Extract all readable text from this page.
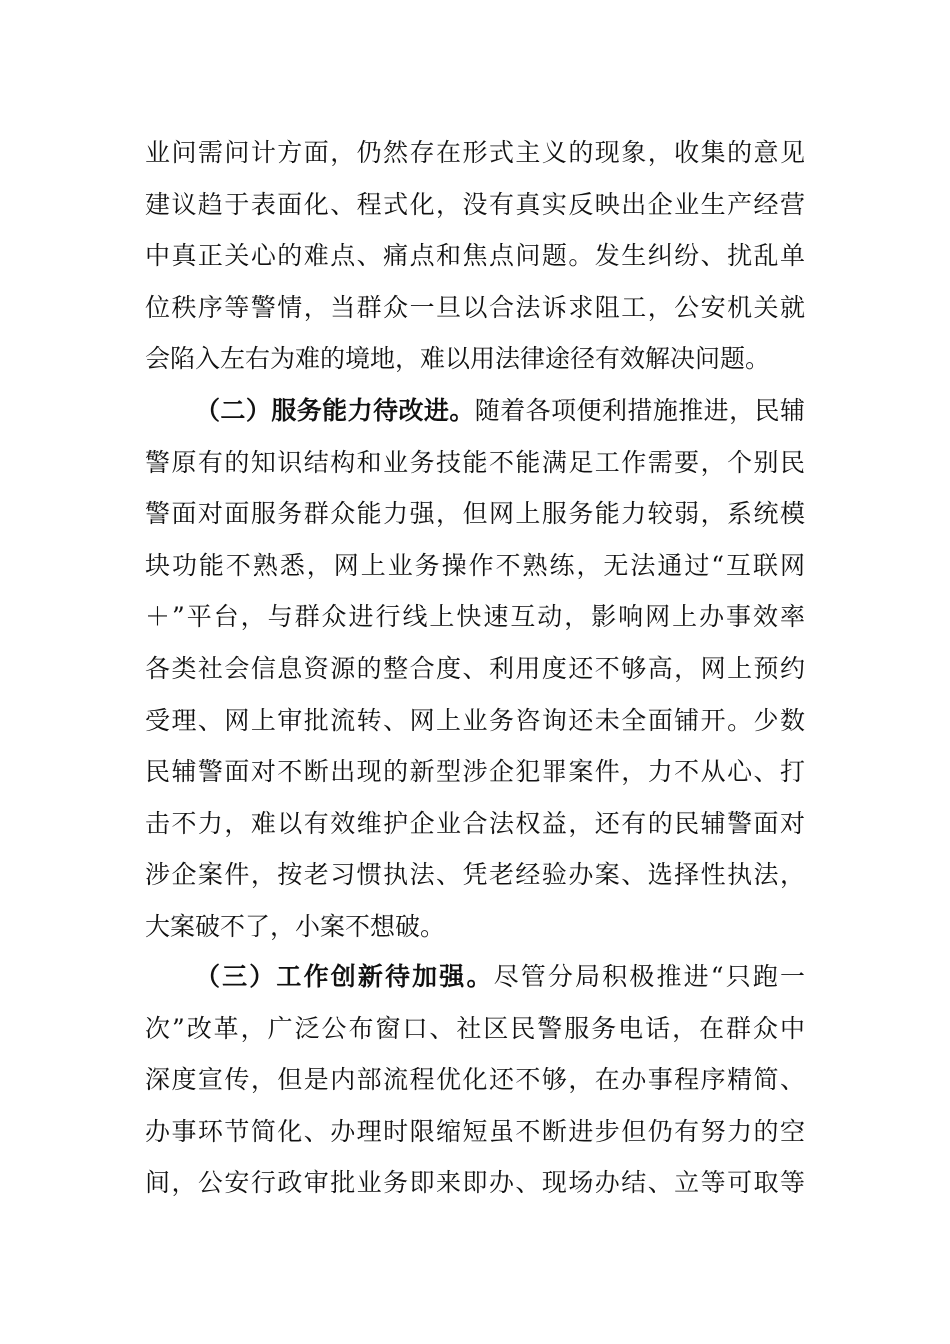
业问需问计方面，仍然存在形式主义的现象，收集的意见
建议趋于表面化、程式化，没有真实反映出企业生产经营
中真正关心的难点、痛点和焦点问题。发生纠纷、扰乱单
位秩序等警情，当群众一旦以合法诉求阻工，公安机关就
会陷入左右为难的境地，难以用法律途径有效解决问题。
（二）服务能力待改进。随着各项便利措施推进，民辅
警原有的知识结构和业务技能不能满足工作需要，个别民
警面对面服务群众能力强，但网上服务能力较弱，系统模
块功能不熟悉，网上业务操作不熟练，无法通过“互联网
＋”平台，与群众进行线上快速互动，影响网上办事效率
各类社会信息资源的整合度、利用度还不够高，网上预约
受理、网上审批流转、网上业务咨询还未全面铺开。少数
民辅警面对不断出现的新型涉企犯罪案件，力不从心、打
击不力，难以有效维护企业合法权益，还有的民辅警面对
涉企案件，按老习惯执法、凭老经验办案、选择性执法，
大案破不了，小案不想破。
（三）工作创新待加强。尽管分局积极推进“只跑一
次”改革，广泛公布窗口、社区民警服务电话，在群众中
深度宣传，但是内部流程优化还不够，在办事程序精简、
办事环节简化、办理时限缩短虽不断进步但仍有努力的空
间，公安行政审批业务即来即办、现场办结、立等可取等
